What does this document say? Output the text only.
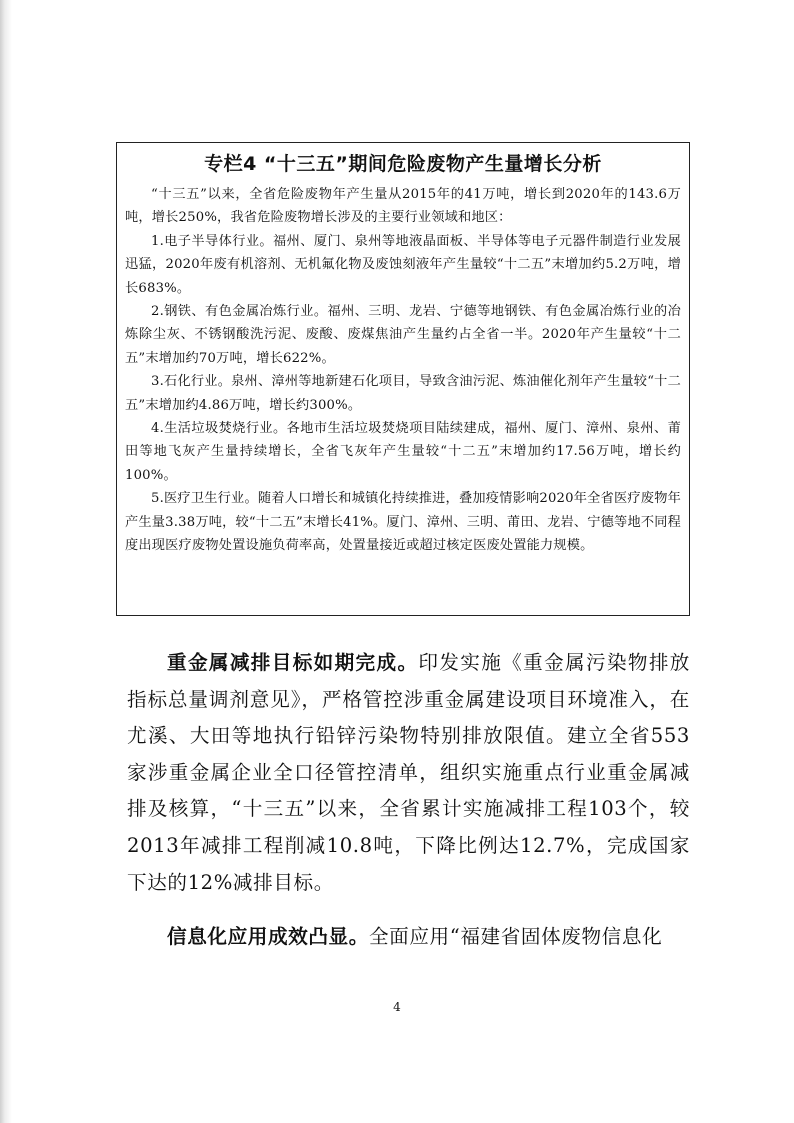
专栏4 “十三五”期间危险废物产生量增长分析

“十三五”以来，全省危险废物年产生量从2015年的41万吨，增长到2020年的143.6万吨，增长250%，我省危险废物增长涉及的主要行业领域和地区：

1.电子半导体行业。福州、厦门、泉州等地液晶面板、半导体等电子元器件制造行业发展迅猛，2020年废有机溶剂、无机氟化物及废蚀刻液年产生量较“十二五”末增加约5.2万吨，增长683%。

2.钢铁、有色金属冶炼行业。福州、三明、龙岩、宁德等地钢铁、有色金属冶炼行业的冶炼除尘灰、不锈钢酸洗污泥、废酸、废煤焦油产生量约占全省一半。2020年产生量较“十二五”末增加约70万吨，增长622%。

3.石化行业。泉州、漳州等地新建石化项目，导致含油污泥、炼油催化剂年产生量较“十二五”末增加约4.86万吨，增长约300%。

4.生活垃圾焚烧行业。各地市生活垃圾焚烧项目陆续建成，福州、厦门、漳州、泉州、莆田等地飞灰产生量持续增长，全省飞灰年产生量较“十二五”末增加约17.56万吨，增长约100%。

5.医疗卫生行业。随着人口增长和城镇化持续推进，叠加疫情影响2020年全省医疗废物年产生量3.38万吨，较“十二五”末增长41%。厦门、漳州、三明、莆田、龙岩、宁德等地不同程度出现医疗废物处置设施负荷率高，处置量接近或超过核定医废处置能力规模。

重金属减排目标如期完成。印发实施《重金属污染物排放指标总量调剂意见》，严格管控涉重金属建设项目环境准入，在尤溪、大田等地执行铅锌污染物特别排放限值。建立全省553家涉重金属企业全口径管控清单，组织实施重点行业重金属减排及核算，“十三五”以来，全省累计实施减排工程103个，较2013年减排工程削减10.8吨，下降比例达12.7%，完成国家下达的12%减排目标。

信息化应用成效凸显。全面应用“福建省固体废物信息化

4
